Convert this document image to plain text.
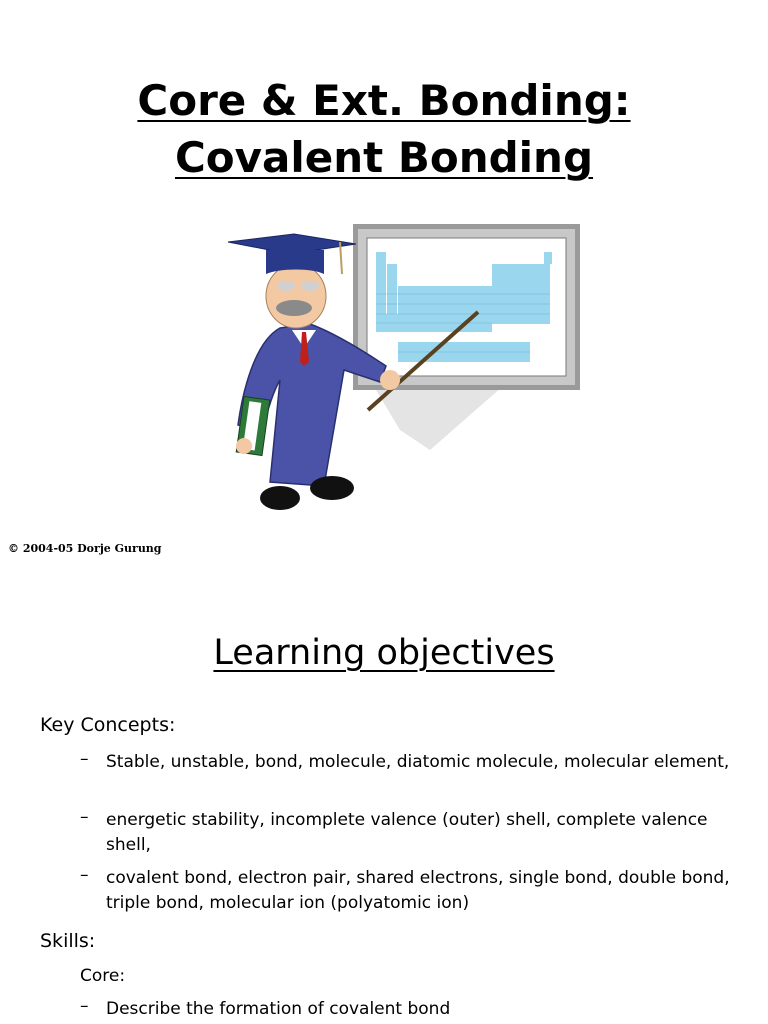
Core & Ext. Bonding:
Covalent Bonding
© 2004-05 Dorje Gurung
Learning objectives
Key Concepts:
– Stable, unstable, bond, molecule, diatomic molecule, molecular element,
– energetic stability, incomplete valence (outer) shell, complete valence shell,
– covalent bond, electron pair, shared electrons, single bond, double bond, triple bond, molecular ion (polyatomic ion)
Skills:
Core:
– Describe the formation of covalent bond
